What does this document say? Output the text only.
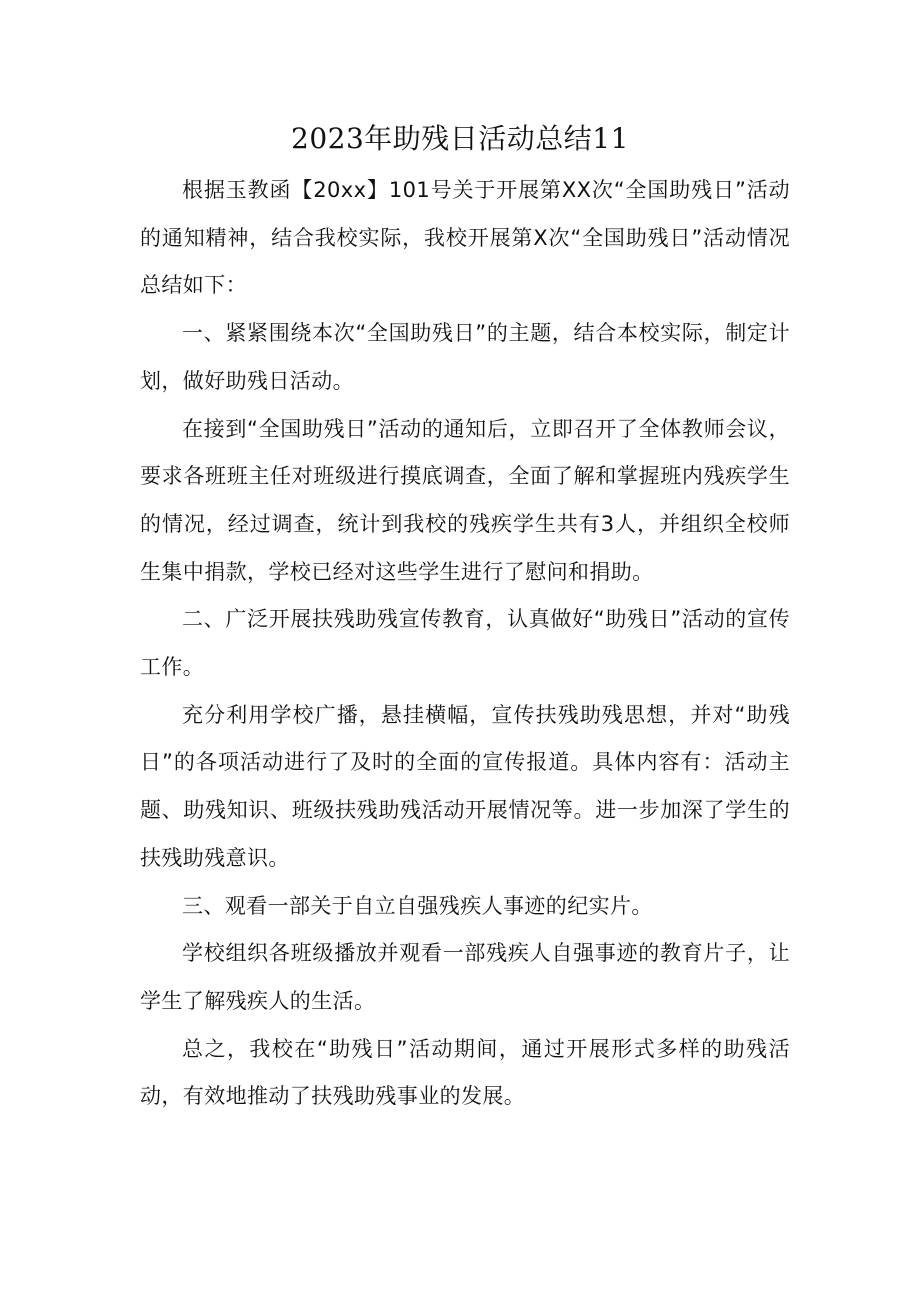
2023年助残日活动总结11

根据玉教函【20xx】101号关于开展第XX次“全国助残日”活动的通知精神，结合我校实际，我校开展第X次“全国助残日”活动情况总结如下：

一、紧紧围绕本次“全国助残日”的主题，结合本校实际，制定计划，做好助残日活动。

在接到“全国助残日”活动的通知后，立即召开了全体教师会议，要求各班班主任对班级进行摸底调查，全面了解和掌握班内残疾学生的情况，经过调查，统计到我校的残疾学生共有3人，并组织全校师生集中捐款，学校已经对这些学生进行了慰问和捐助。

二、广泛开展扶残助残宣传教育，认真做好“助残日”活动的宣传工作。

充分利用学校广播，悬挂横幅，宣传扶残助残思想，并对“助残日”的各项活动进行了及时的全面的宣传报道。具体内容有：活动主题、助残知识、班级扶残助残活动开展情况等。进一步加深了学生的扶残助残意识。

三、观看一部关于自立自强残疾人事迹的纪实片。

学校组织各班级播放并观看一部残疾人自强事迹的教育片子，让学生了解残疾人的生活。

总之，我校在“助残日”活动期间，通过开展形式多样的助残活动，有效地推动了扶残助残事业的发展。
